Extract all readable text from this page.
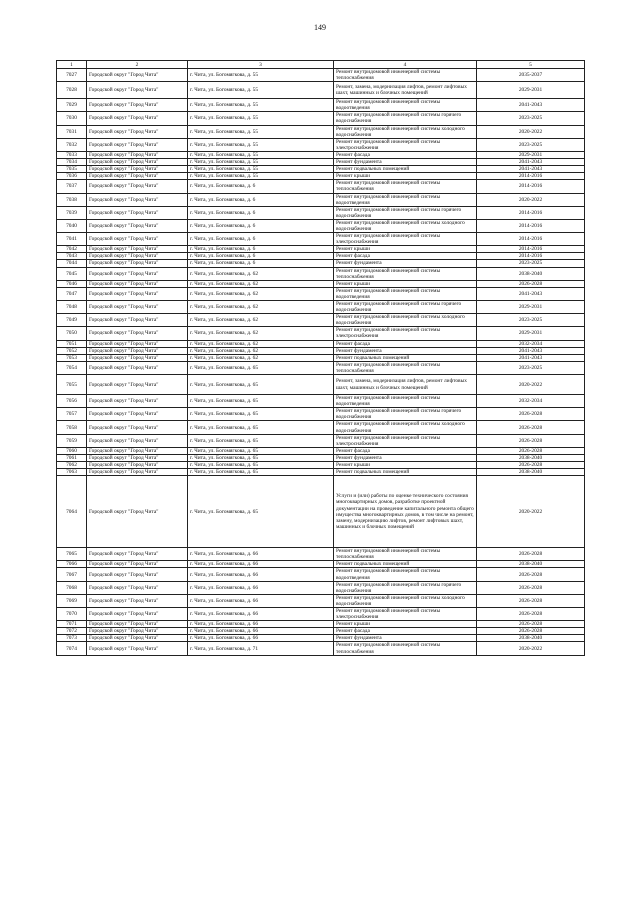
149
1	2	3	4	5
7027	Городской округ "Город Чита"	г. Чита, ул. Богомягкова, д. 55	Ремонт внутридомовой инженерной системы теплоснабжения	2035-2037
7028	Городской округ "Город Чита"	г. Чита, ул. Богомягкова, д. 55	Ремонт, замена, модернизация лифтов, ремонт лифтовых шахт, машинных и блочных помещений	2029-2031
7029	Городской округ "Город Чита"	г. Чита, ул. Богомягкова, д. 55	Ремонт внутридомовой инженерной системы водоотведения	2041-2043
7030	Городской округ "Город Чита"	г. Чита, ул. Богомягкова, д. 55	Ремонт внутридомовой инженерной системы горячего водоснабжения	2023-2025
7031	Городской округ "Город Чита"	г. Чита, ул. Богомягкова, д. 55	Ремонт внутридомовой инженерной системы холодного водоснабжения	2020-2022
7032	Городской округ "Город Чита"	г. Чита, ул. Богомягкова, д. 55	Ремонт внутридомовой инженерной системы электроснабжения	2023-2025
7033	Городской округ "Город Чита"	г. Чита, ул. Богомягкова, д. 55	Ремонт фасада	2029-2031
7034	Городской округ "Город Чита"	г. Чита, ул. Богомягкова, д. 55	Ремонт фундамента	2041-2043
7035	Городской округ "Город Чита"	г. Чита, ул. Богомягкова, д. 55	Ремонт подвальных помещений	2041-2043
7036	Городской округ "Город Чита"	г. Чита, ул. Богомягкова, д. 55	Ремонт крыши	2014-2016
7037	Городской округ "Город Чита"	г. Чита, ул. Богомягкова, д. 6	Ремонт внутридомовой инженерной системы теплоснабжения	2014-2016
7038	Городской округ "Город Чита"	г. Чита, ул. Богомягкова, д. 6	Ремонт внутридомовой инженерной системы водоотведения	2020-2022
7039	Городской округ "Город Чита"	г. Чита, ул. Богомягкова, д. 6	Ремонт внутридомовой инженерной системы горячего водоснабжения	2014-2016
7040	Городской округ "Город Чита"	г. Чита, ул. Богомягкова, д. 6	Ремонт внутридомовой инженерной системы холодного водоснабжения	2014-2016
7041	Городской округ "Город Чита"	г. Чита, ул. Богомягкова, д. 6	Ремонт внутридомовой инженерной системы электроснабжения	2014-2016
7042	Городской округ "Город Чита"	г. Чита, ул. Богомягкова, д. 6	Ремонт крыши	2014-2016
7043	Городской округ "Город Чита"	г. Чита, ул. Богомягкова, д. 6	Ремонт фасада	2014-2016
7044	Городской округ "Город Чита"	г. Чита, ул. Богомягкова, д. 6	Ремонт фундамента	2023-2025
7045	Городской округ "Город Чита"	г. Чита, ул. Богомягкова, д. 62	Ремонт внутридомовой инженерной системы теплоснабжения	2038-2040
7046	Городской округ "Город Чита"	г. Чита, ул. Богомягкова, д. 62	Ремонт крыши	2026-2028
7047	Городской округ "Город Чита"	г. Чита, ул. Богомягкова, д. 62	Ремонт внутридомовой инженерной системы водоотведения	2041-2043
7048	Городской округ "Город Чита"	г. Чита, ул. Богомягкова, д. 62	Ремонт внутридомовой инженерной системы горячего водоснабжения	2029-2031
7049	Городской округ "Город Чита"	г. Чита, ул. Богомягкова, д. 62	Ремонт внутридомовой инженерной системы холодного водоснабжения	2023-2025
7050	Городской округ "Город Чита"	г. Чита, ул. Богомягкова, д. 62	Ремонт внутридомовой инженерной системы электроснабжения	2029-2031
7051	Городской округ "Город Чита"	г. Чита, ул. Богомягкова, д. 62	Ремонт фасада	2032-2034
7052	Городской округ "Город Чита"	г. Чита, ул. Богомягкова, д. 62	Ремонт фундамента	2041-2043
7053	Городской округ "Город Чита"	г. Чита, ул. Богомягкова, д. 62	Ремонт подвальных помещений	2041-2043
7054	Городской округ "Город Чита"	г. Чита, ул. Богомягкова, д. 65	Ремонт внутридомовой инженерной системы теплоснабжения	2023-2025
7055	Городской округ "Город Чита"	г. Чита, ул. Богомягкова, д. 65	Ремонт, замена, модернизация лифтов, ремонт лифтовых шахт, машинных и блочных помещений	2020-2022
7056	Городской округ "Город Чита"	г. Чита, ул. Богомягкова, д. 65	Ремонт внутридомовой инженерной системы водоотведения	2032-2034
7057	Городской округ "Город Чита"	г. Чита, ул. Богомягкова, д. 65	Ремонт внутридомовой инженерной системы горячего водоснабжения	2026-2028
7058	Городской округ "Город Чита"	г. Чита, ул. Богомягкова, д. 65	Ремонт внутридомовой инженерной системы холодного водоснабжения	2026-2028
7059	Городской округ "Город Чита"	г. Чита, ул. Богомягкова, д. 65	Ремонт внутридомовой инженерной системы электроснабжения	2026-2028
7060	Городской округ "Город Чита"	г. Чита, ул. Богомягкова, д. 65	Ремонт фасада	2026-2028
7061	Городской округ "Город Чита"	г. Чита, ул. Богомягкова, д. 65	Ремонт фундамента	2038-2040
7062	Городской округ "Город Чита"	г. Чита, ул. Богомягкова, д. 65	Ремонт крыши	2026-2028
7063	Городской округ "Город Чита"	г. Чита, ул. Богомягкова, д. 65	Ремонт подвальных помещений	2038-2040
7064	Городской округ "Город Чита"	г. Чита, ул. Богомягкова, д. 65	Услуги и (или) работы по оценке технического состояния многоквартирных домов, разработке проектной документации на проведение капитального ремонта общего имущества многоквартирных домов, в том числе на ремонт, замену, модернизацию лифтов, ремонт лифтовых шахт, машинных и блочных помещений	2020-2022
7065	Городской округ "Город Чита"	г. Чита, ул. Богомягкова, д. 66	Ремонт внутридомовой инженерной системы теплоснабжения	2026-2028
7066	Городской округ "Город Чита"	г. Чита, ул. Богомягкова, д. 66	Ремонт подвальных помещений	2038-2040
7067	Городской округ "Город Чита"	г. Чита, ул. Богомягкова, д. 66	Ремонт внутридомовой инженерной системы водоотведения	2026-2028
7068	Городской округ "Город Чита"	г. Чита, ул. Богомягкова, д. 66	Ремонт внутридомовой инженерной системы горячего водоснабжения	2026-2028
7069	Городской округ "Город Чита"	г. Чита, ул. Богомягкова, д. 66	Ремонт внутридомовой инженерной системы холодного водоснабжения	2026-2028
7070	Городской округ "Город Чита"	г. Чита, ул. Богомягкова, д. 66	Ремонт внутридомовой инженерной системы электроснабжения	2026-2028
7071	Городской округ "Город Чита"	г. Чита, ул. Богомягкова, д. 66	Ремонт крыши	2026-2028
7072	Городской округ "Город Чита"	г. Чита, ул. Богомягкова, д. 66	Ремонт фасада	2026-2028
7073	Городской округ "Город Чита"	г. Чита, ул. Богомягкова, д. 66	Ремонт фундамента	2038-2040
7074	Городской округ "Город Чита"	г. Чита, ул. Богомягкова, д. 71	Ремонт внутридомовой инженерной системы теплоснабжения	2020-2022
